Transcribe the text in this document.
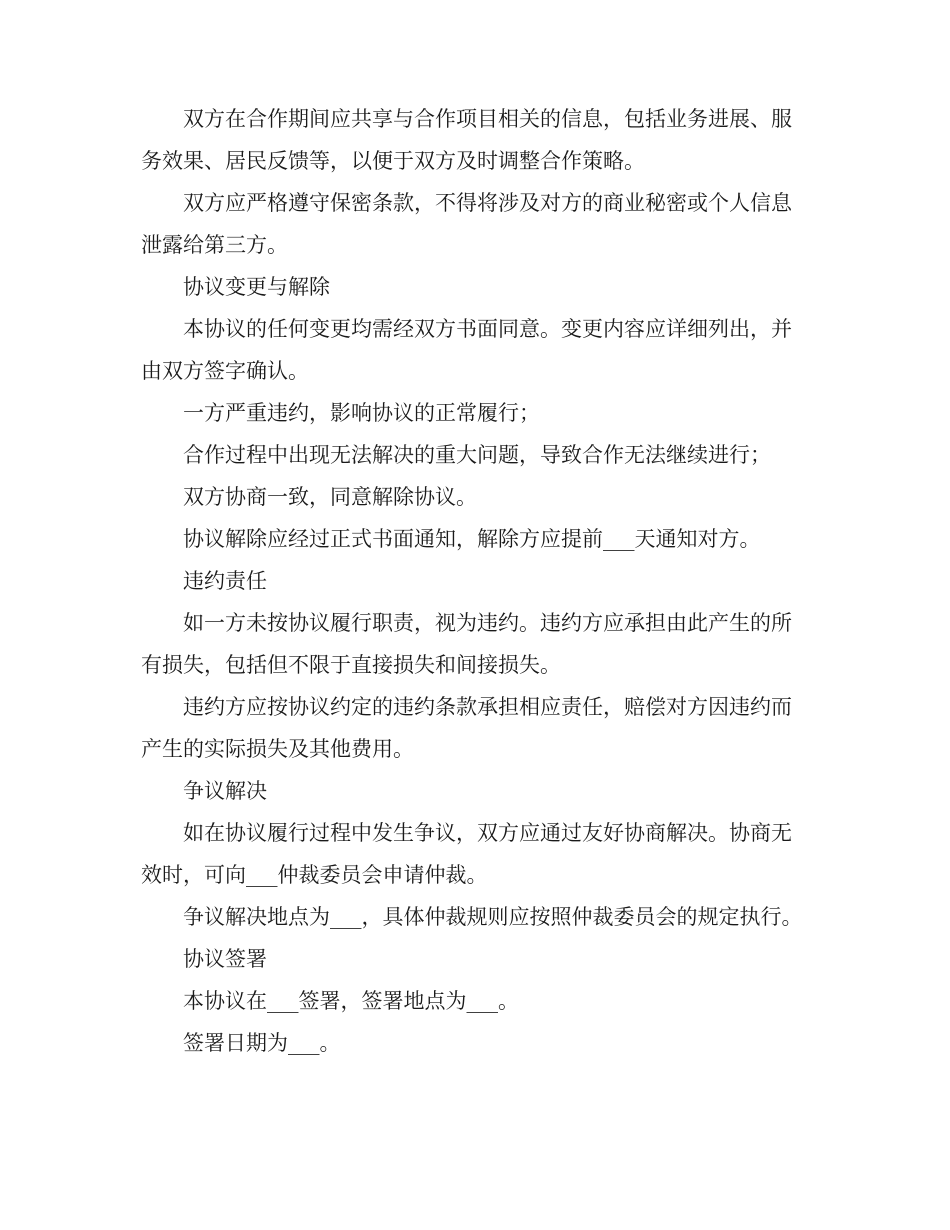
双方在合作期间应共享与合作项目相关的信息，包括业务进展、服务效果、居民反馈等，以便于双方及时调整合作策略。

双方应严格遵守保密条款，不得将涉及对方的商业秘密或个人信息泄露给第三方。

协议变更与解除

本协议的任何变更均需经双方书面同意。变更内容应详细列出，并由双方签字确认。

一方严重违约，影响协议的正常履行；

合作过程中出现无法解决的重大问题，导致合作无法继续进行；

双方协商一致，同意解除协议。

协议解除应经过正式书面通知，解除方应提前___天通知对方。

违约责任

如一方未按协议履行职责，视为违约。违约方应承担由此产生的所有损失，包括但不限于直接损失和间接损失。

违约方应按协议约定的违约条款承担相应责任，赔偿对方因违约而产生的实际损失及其他费用。

争议解决

如在协议履行过程中发生争议，双方应通过友好协商解决。协商无效时，可向___仲裁委员会申请仲裁。

争议解决地点为___，具体仲裁规则应按照仲裁委员会的规定执行。

协议签署

本协议在___签署，签署地点为___。

签署日期为___。
